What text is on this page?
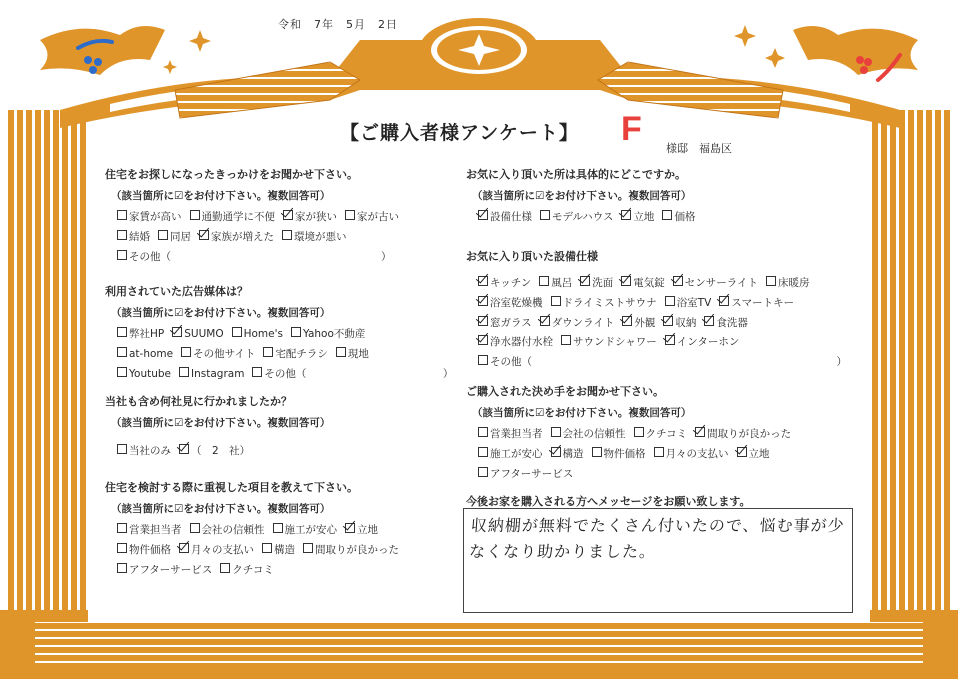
令和　7年　5月　2日
【ご購入者様アンケート】 F
様邸　福島区
住宅をお探しになったきっかけをお聞かせ下さい。
（該当箇所に☑をお付け下さい。複数回答可）
家賃が高い 通勤通学に不便 家が狭い 家が古い
結婚 同居 家族が増えた 環境が悪い
その他（　　　　　　　　　　　　　　　　　　　　）
利用されていた広告媒体は？
（該当箇所に☑をお付け下さい。複数回答可）
弊社HP SUUMO Home's Yahoo不動産
at-home その他サイト 宅配チラシ 現地
Youtube Instagram その他（　　　　　　　　　　　　　）
当社も含め何社見に行かれましたか？
（該当箇所に☑をお付け下さい。複数回答可）
当社のみ （　2　社）
住宅を検討する際に重視した項目を教えて下さい。
（該当箇所に☑をお付け下さい。複数回答可）
営業担当者 会社の信頼性 施工が安心 立地
物件価格 月々の支払い 構造 間取りが良かった
アフターサービス クチコミ
お気に入り頂いた所は具体的にどこですか。
（該当箇所に☑をお付け下さい。複数回答可）
設備仕様 モデルハウス 立地 価格
お気に入り頂いた設備仕様
キッチン 風呂 洗面 電気錠 センサーライト 床暖房
浴室乾燥機 ドライミストサウナ 浴室TV スマートキー
窓ガラス ダウンライト 外観 収納 食洗器
浄水器付水栓 サウンドシャワー インターホン
その他（　　　　　　　　　　　　　　　　　　　　　　　　　　　　　）
ご購入された決め手をお聞かせ下さい。
（該当箇所に☑をお付け下さい。複数回答可）
営業担当者 会社の信頼性 クチコミ 間取りが良かった
施工が安心 構造 物件価格 月々の支払い 立地
アフターサービス
今後お家を購入される方へメッセージをお願い致します。
収納棚が無料でたくさん付いたので、悩む事が少なくなり助かりました。
